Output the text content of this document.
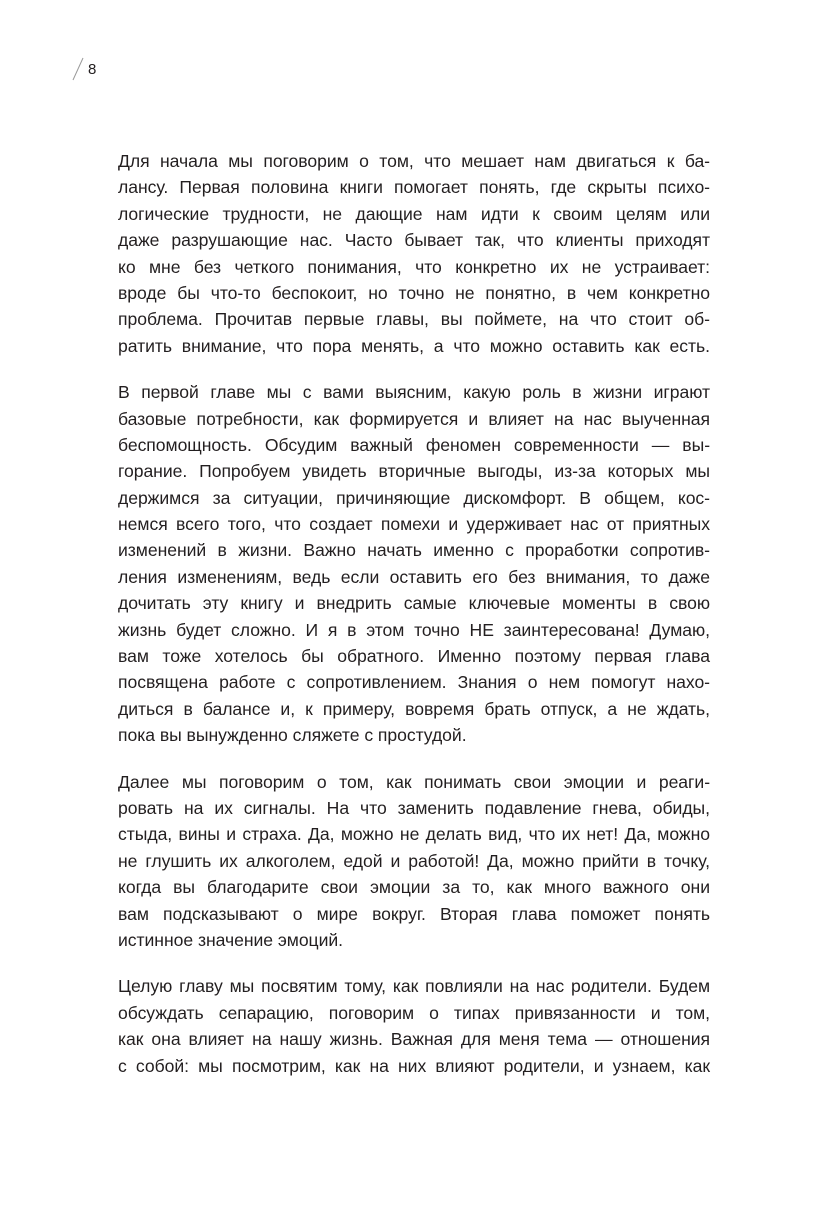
8
Для начала мы поговорим о том, что мешает нам двигаться к ба-
лансу. Первая половина книги помогает понять, где скрыты психо-
логические трудности, не дающие нам идти к своим целям или
даже разрушающие нас. Часто бывает так, что клиенты приходят
ко мне без четкого понимания, что конкретно их не устраивает:
вроде бы что-то беспокоит, но точно не понятно, в чем конкретно
проблема. Прочитав первые главы, вы поймете, на что стоит об-
ратить внимание, что пора менять, а что можно оставить как есть.
В первой главе мы с вами выясним, какую роль в жизни играют
базовые потребности, как формируется и влияет на нас выученная
беспомощность. Обсудим важный феномен современности — вы-
горание. Попробуем увидеть вторичные выгоды, из-за которых мы
держимся за ситуации, причиняющие дискомфорт. В общем, кос-
немся всего того, что создает помехи и удерживает нас от приятных
изменений в жизни. Важно начать именно с проработки сопротив-
ления изменениям, ведь если оставить его без внимания, то даже
дочитать эту книгу и внедрить самые ключевые моменты в свою
жизнь будет сложно. И я в этом точно НЕ заинтересована! Думаю,
вам тоже хотелось бы обратного. Именно поэтому первая глава
посвящена работе с сопротивлением. Знания о нем помогут нахо-
диться в балансе и, к примеру, вовремя брать отпуск, а не ждать,
пока вы вынужденно сляжете с простудой.
Далее мы поговорим о том, как понимать свои эмоции и реаги-
ровать на их сигналы. На что заменить подавление гнева, обиды,
стыда, вины и страха. Да, можно не делать вид, что их нет! Да, можно
не глушить их алкоголем, едой и работой! Да, можно прийти в точку,
когда вы благодарите свои эмоции за то, как много важного они
вам подсказывают о мире вокруг. Вторая глава поможет понять
истинное значение эмоций.
Целую главу мы посвятим тому, как повлияли на нас родители. Будем
обсуждать сепарацию, поговорим о типах привязанности и том,
как она влияет на нашу жизнь. Важная для меня тема — отношения
с собой: мы посмотрим, как на них влияют родители, и узнаем, как
